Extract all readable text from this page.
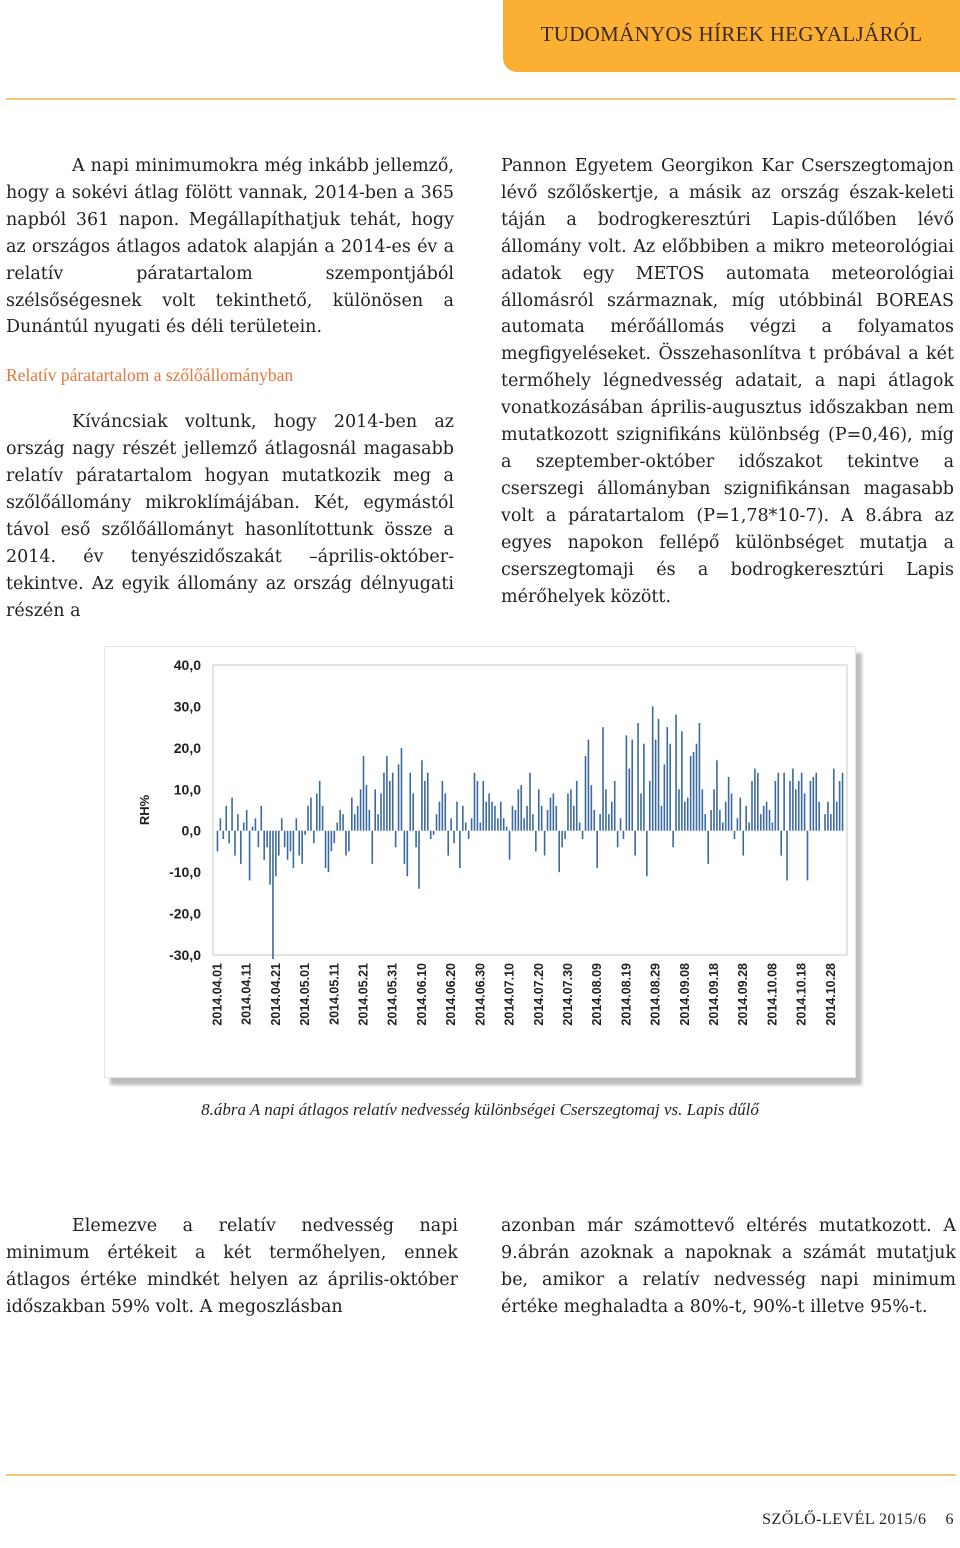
TUDOMÁNYOS HÍREK HEGYALJÁRÓL

A napi minimumokra még inkább jellemző, hogy a sokévi átlag fölött vannak, 2014-ben a 365 napból 361 napon. Megállapíthatjuk tehát, hogy az országos átlagos adatok alapján a 2014-es év a relatív páratartalom szempontjából szélsőségesnek volt tekinthető, különösen a Dunántúl nyugati és déli területein.

Relatív páratartalom a szőlőállományban

Kíváncsiak voltunk, hogy 2014-ben az ország nagy részét jellemző átlagosnál magasabb relatív páratartalom hogyan mutatkozik meg a szőlőállomány mikroklímájában. Két, egymástól távol eső szőlőállományt hasonlítottunk össze a 2014. év tenyészidőszakát –április-október- tekintve. Az egyik állomány az ország délnyugati részén a

Pannon Egyetem Georgikon Kar Cserszegtomajon lévő szőlőskertje, a másik az ország észak-keleti táján a bodrogkeresztúri Lapis-dűlőben lévő állomány volt. Az előbbiben a mikro meteorológiai adatok egy METOS automata meteorológiai állomásról származnak, míg utóbbinál BOREAS automata mérőállomás végzi a folyamatos megfigyeléseket. Összehasonlítva t próbával a két termőhely légnedvesség adatait, a napi átlagok vonatkozásában április-augusztus időszakban nem mutatkozott szignifikáns különbség (P=0,46), míg a szeptember-október időszakot tekintve a cserszegi állományban szignifikánsan magasabb volt a páratartalom (P=1,78*10-7). A 8.ábra az egyes napokon fellépő különbséget mutatja a cserszegtomaji és a bodrogkeresztúri Lapis mérőhelyek között.

40,0
30,0
20,0
10,0
0,0
-10,0
-20,0
-30,0
RH%
2014.04.01 2014.04.11 2014.04.21 2014.05.01 2014.05.11 2014.05.21 2014.05.31 2014.06.10 2014.06.20 2014.06.30 2014.07.10 2014.07.20 2014.07.30 2014.08.09 2014.08.19 2014.08.29 2014.09.08 2014.09.18 2014.09.28 2014.10.08 2014.10.18 2014.10.28
8.ábra A napi átlagos relatív nedvesség különbségei Cserszegtomaj vs. Lapis dűlő

Elemezve a relatív nedvesség napi minimum értékeit a két termőhelyen, ennek átlagos értéke mindkét helyen az április-október időszakban 59% volt. A megoszlásban

azonban már számottevő eltérés mutatkozott. A 9.ábrán azoknak a napoknak a számát mutatjuk be, amikor a relatív nedvesség napi minimum értéke meghaladta a 80%-t, 90%-t illetve 95%-t.

SZŐLŐ-LEVÉL 2015/6 6
